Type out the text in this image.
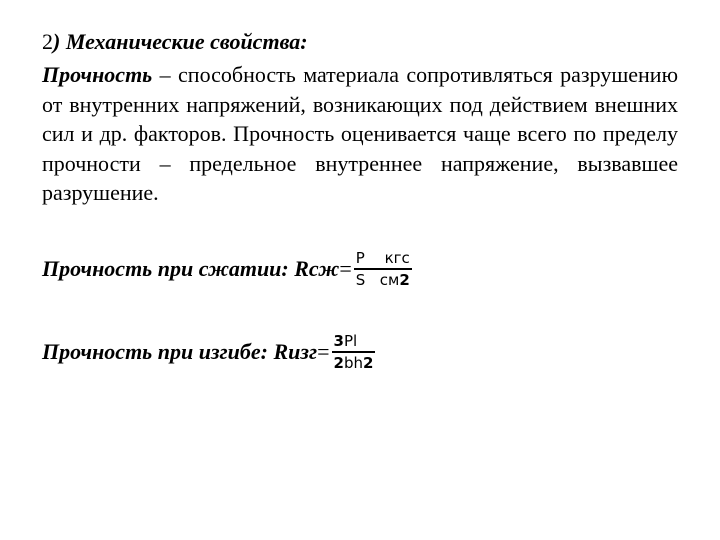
2) Механические свойства:
Прочность – способность материала сопротивляться разрушению от внутренних напряжений, возникающих под действием внешних сил и др. факторов. Прочность оценивается чаще всего по пределу прочности – предельное внутреннее напряжение, вызвавшее разрушение.
Прочность при сжатии: Rсж = $\frac{\text{P кгс}}{\text{S см2}}$
Прочность при изгибе: Rизг = $\frac{3Pl}{2bh2}$
